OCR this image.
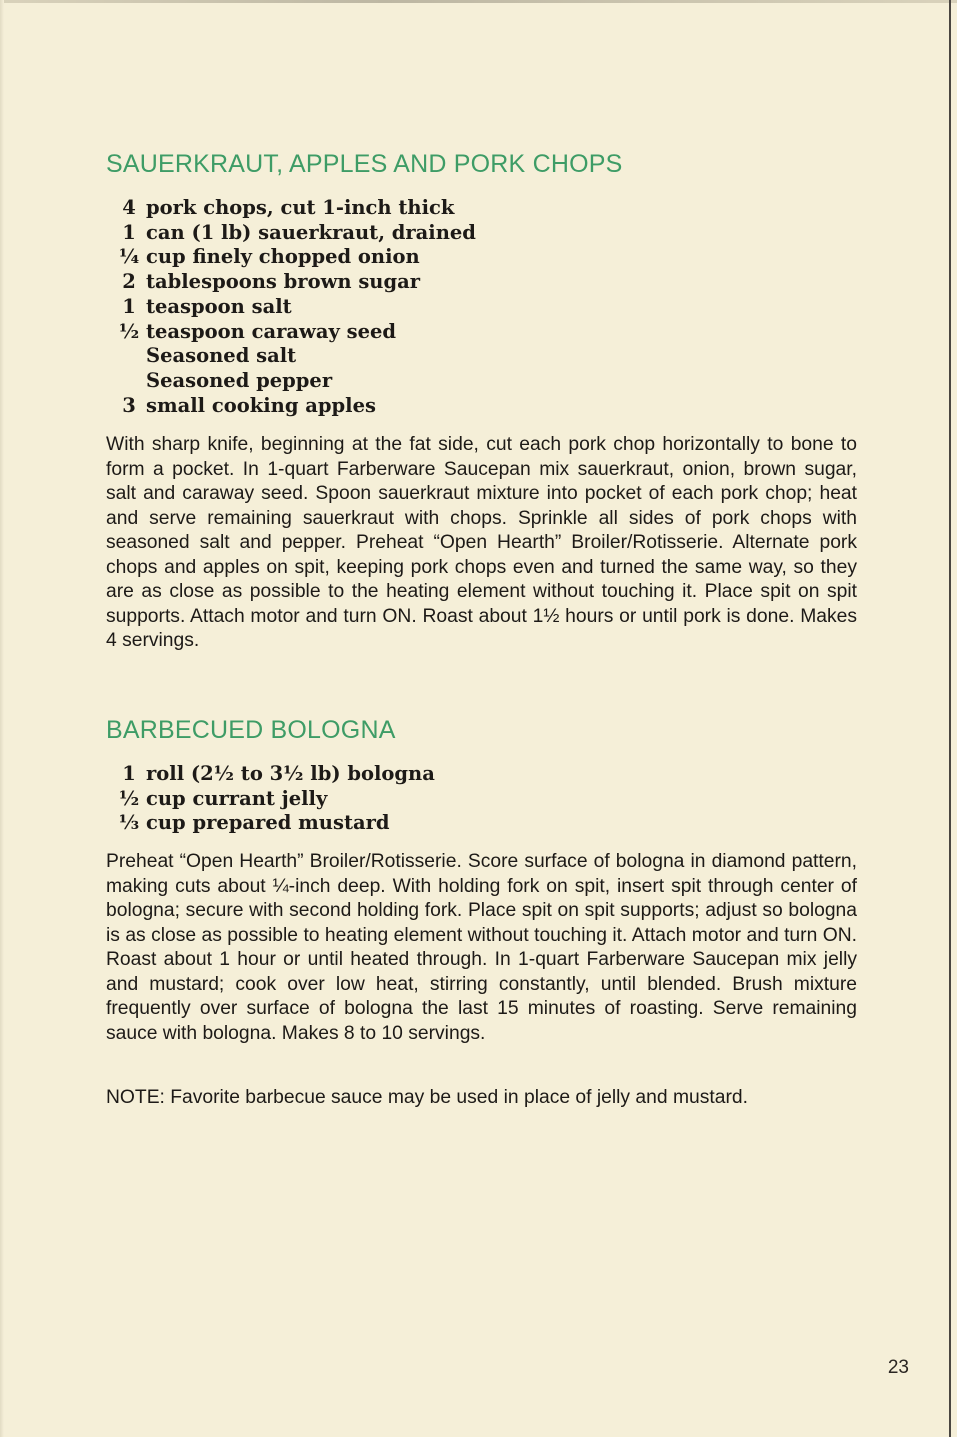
SAUERKRAUT, APPLES AND PORK CHOPS
4 pork chops, cut 1-inch thick
1 can (1 lb) sauerkraut, drained
¼ cup finely chopped onion
2 tablespoons brown sugar
1 teaspoon salt
½ teaspoon caraway seed
Seasoned salt
Seasoned pepper
3 small cooking apples

With sharp knife, beginning at the fat side, cut each pork chop horizontally to bone to form a pocket. In 1-quart Farberware Saucepan mix sauerkraut, onion, brown sugar, salt and caraway seed. Spoon sauerkraut mixture into pocket of each pork chop; heat and serve remaining sauerkraut with chops. Sprinkle all sides of pork chops with seasoned salt and pepper. Preheat “Open Hearth” Broiler/Rotisserie. Alternate pork chops and apples on spit, keeping pork chops even and turned the same way, so they are as close as possible to the heating element without touching it. Place spit on spit supports. Attach motor and turn ON. Roast about 1½ hours or until pork is done. Makes 4 servings.

BARBECUED BOLOGNA
1 roll (2½ to 3½ lb) bologna
½ cup currant jelly
⅓ cup prepared mustard

Preheat “Open Hearth” Broiler/Rotisserie. Score surface of bologna in diamond pattern, making cuts about ¼-inch deep. With holding fork on spit, insert spit through center of bologna; secure with second holding fork. Place spit on spit supports; adjust so bologna is as close as possible to heating element without touching it. Attach motor and turn ON. Roast about 1 hour or until heated through. In 1-quart Farberware Saucepan mix jelly and mustard; cook over low heat, stirring constantly, until blended. Brush mixture frequently over surface of bologna the last 15 minutes of roasting. Serve remaining sauce with bologna. Makes 8 to 10 servings.

NOTE: Favorite barbecue sauce may be used in place of jelly and mustard.

23
